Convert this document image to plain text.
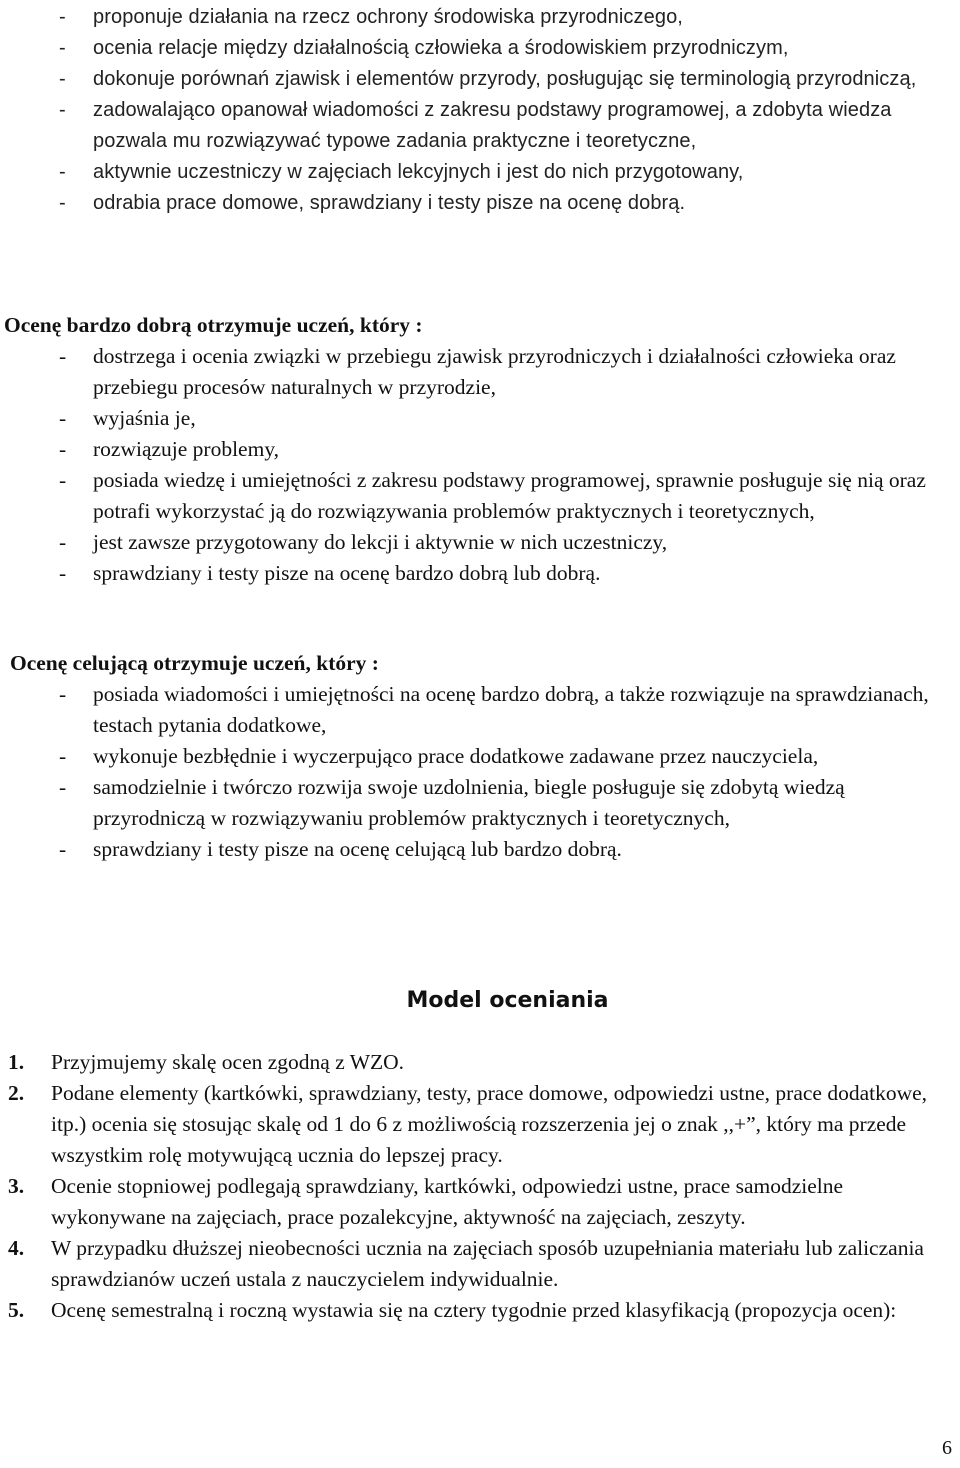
- proponuje działania na rzecz ochrony środowiska przyrodniczego,
- ocenia relacje między działalnością człowieka a środowiskiem przyrodniczym,
- dokonuje porównań zjawisk i elementów przyrody, posługując się terminologią przyrodniczą,
- zadowalająco opanował wiadomości z zakresu podstawy programowej, a zdobyta wiedza pozwala mu rozwiązywać typowe zadania praktyczne i teoretyczne,
- aktywnie uczestniczy w zajęciach lekcyjnych i jest do nich przygotowany,
- odrabia prace domowe, sprawdziany i testy pisze na ocenę dobrą.
Ocenę bardzo dobrą otrzymuje uczeń, który :
- dostrzega i ocenia związki w przebiegu zjawisk przyrodniczych i działalności człowieka oraz przebiegu procesów naturalnych w przyrodzie,
- wyjaśnia je,
- rozwiązuje problemy,
- posiada wiedzę i umiejętności z zakresu podstawy programowej, sprawnie posługuje się nią oraz potrafi wykorzystać ją do rozwiązywania problemów praktycznych i teoretycznych,
- jest zawsze przygotowany do lekcji i aktywnie w nich uczestniczy,
- sprawdziany i testy pisze na ocenę bardzo dobrą lub dobrą.
Ocenę celującą otrzymuje uczeń, który :
- posiada wiadomości i umiejętności na ocenę bardzo dobrą, a także rozwiązuje na sprawdzianach, testach pytania dodatkowe,
- wykonuje bezbłędnie i wyczerpująco prace dodatkowe zadawane przez nauczyciela,
- samodzielnie i twórczo rozwija swoje uzdolnienia, biegle posługuje się zdobytą wiedzą przyrodniczą w rozwiązywaniu problemów praktycznych i teoretycznych,
- sprawdziany i testy pisze na ocenę celującą lub bardzo dobrą.
Model oceniania
1. Przyjmujemy skalę ocen zgodną z WZO.
2. Podane elementy (kartkówki, sprawdziany, testy, prace domowe, odpowiedzi ustne, prace dodatkowe, itp.) ocenia się stosując skalę od 1 do 6 z możliwością rozszerzenia jej o znak ,,+”, który ma przede wszystkim rolę motywującą ucznia do lepszej pracy.
3. Ocenie stopniowej podlegają sprawdziany, kartkówki, odpowiedzi ustne, prace samodzielne wykonywane na zajęciach, prace pozalekcyjne, aktywność na zajęciach, zeszyty.
4. W przypadku dłuższej nieobecności ucznia na zajęciach sposób uzupełniania materiału lub zaliczania sprawdzianów uczeń ustala z nauczycielem indywidualnie.
5. Ocenę semestralną i roczną wystawia się na cztery tygodnie przed klasyfikacją (propozycja ocen):
6
